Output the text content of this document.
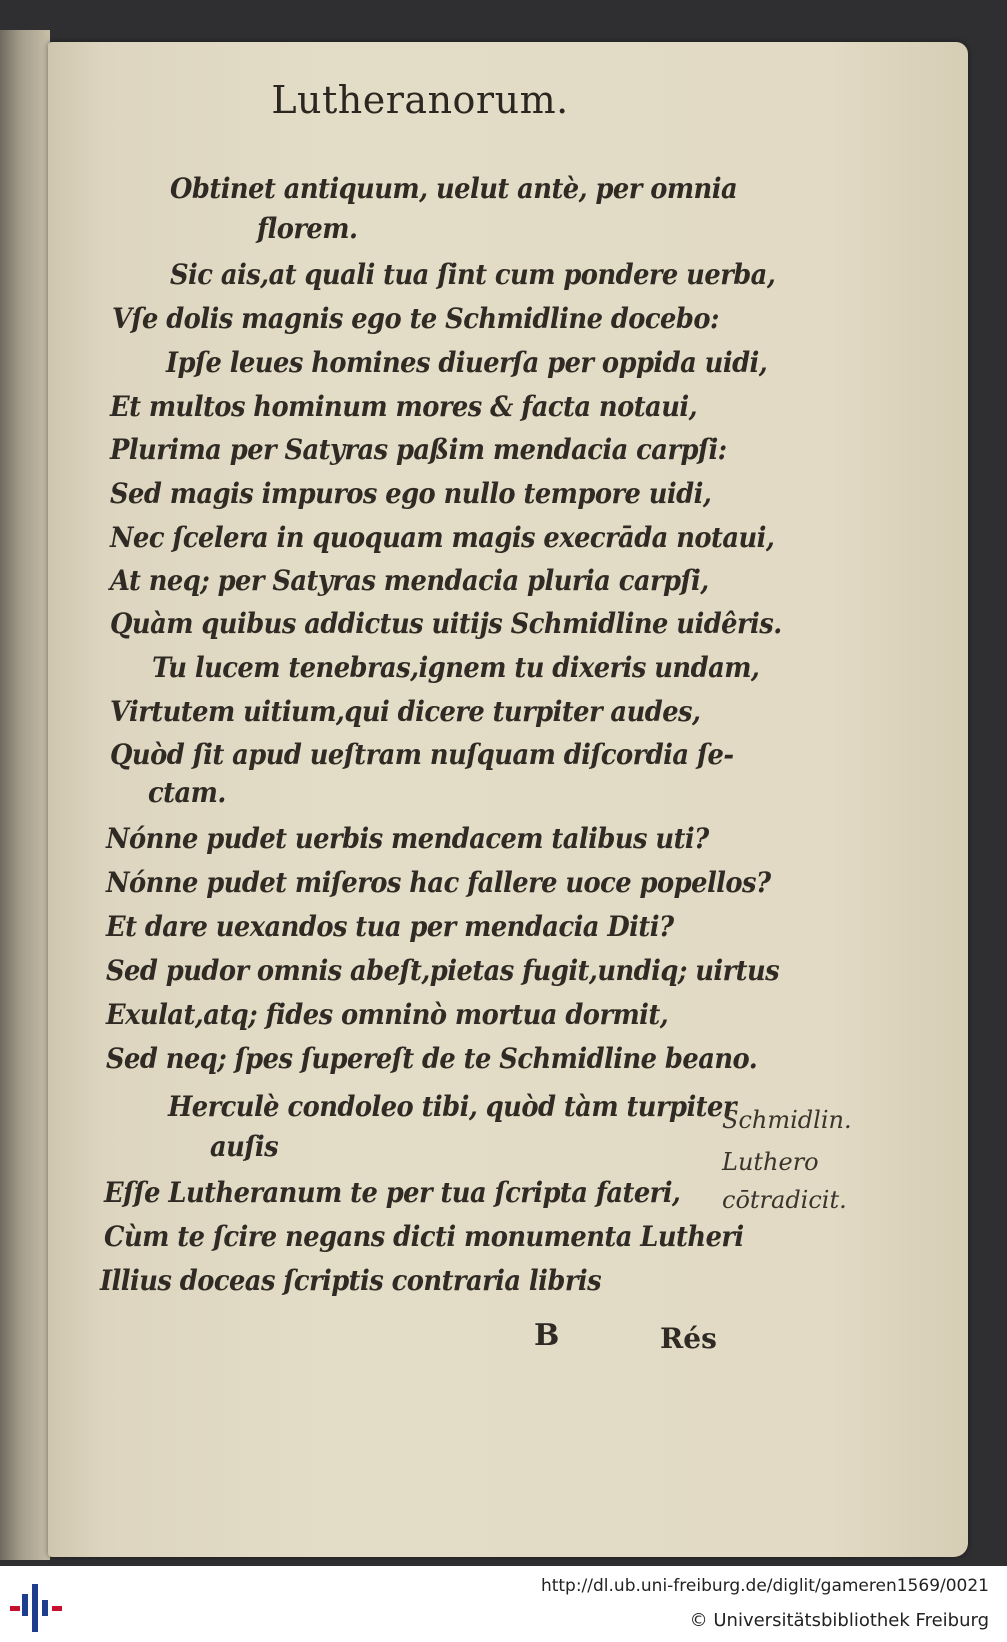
Lutheranorum.
Obtinet antiquum, uelut antè, per omnia
florem.
Sic ais,at quali tua ſint cum pondere uerba,
Vſe dolis magnis ego te Schmidline docebo:
Ipſe leues homines diuerſa per oppida uidi,
Et multos hominum mores & facta notaui,
Plurima per Satyras paßim mendacia carpſi:
Sed magis impuros ego nullo tempore uidi,
Nec ſcelera in quoquam magis execrāda notaui,
At neq; per Satyras mendacia pluria carpſi,
Quàm quibus addictus uitijs Schmidline uidêris.
Tu lucem tenebras,ignem tu dixeris undam,
Virtutem uitium,qui dicere turpiter audes,
Quòd ſit apud ueſtram nuſquam diſcordia ſe-
ctam.
Nónne pudet uerbis mendacem talibus uti?
Nónne pudet miſeros hac fallere uoce popellos?
Et dare uexandos tua per mendacia Diti?
Sed pudor omnis abeſt,pietas fugit,undiq; uirtus
Exulat,atq; fides omninò mortua dormit,
Sed neq; ſpes ſupereſt de te Schmidline beano.
Herculè condoleo tibi, quòd tàm turpiter
auſis
Eſſe Lutheranum te per tua ſcripta fateri,
Cùm te ſcire negans dicti monumenta Lutheri
Illius doceas ſcriptis contraria libris
Schmidlin.
Luthero
cōtradicit.
B	Rés
http://dl.ub.uni-freiburg.de/diglit/gameren1569/0021
© Universitätsbibliothek Freiburg
